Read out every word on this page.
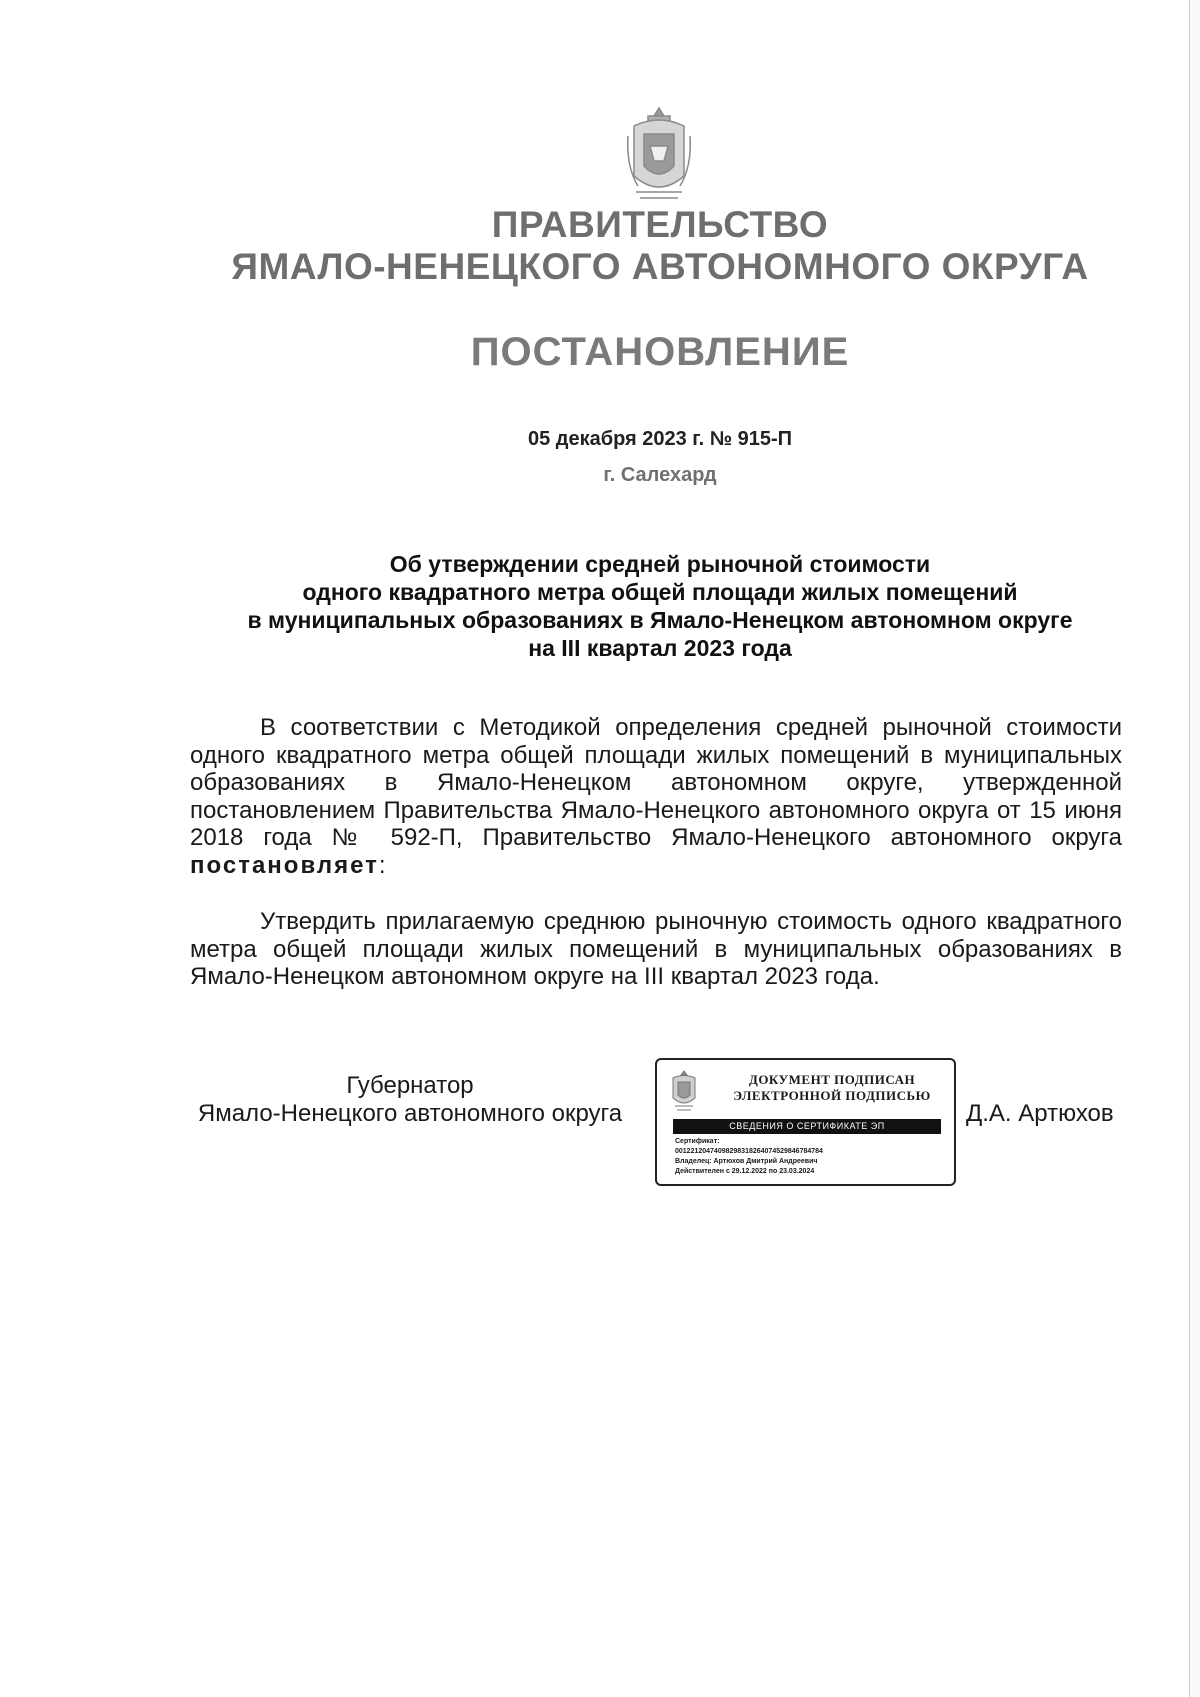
ПРАВИТЕЛЬСТВО
ЯМАЛО-НЕНЕЦКОГО АВТОНОМНОГО ОКРУГА
ПОСТАНОВЛЕНИЕ
05 декабря 2023 г. № 915-П
г. Салехард
Об утверждении средней рыночной стоимости
одного квадратного метра общей площади жилых помещений
в муниципальных образованиях в Ямало-Ненецком автономном округе
на III квартал 2023 года
В соответствии с Методикой определения средней рыночной стоимости одного квадратного метра общей площади жилых помещений в муниципальных образованиях в Ямало-Ненецком автономном округе, утвержденной постановлением Правительства Ямало-Ненецкого автономного округа от 15 июня 2018 года № 592-П, Правительство Ямало-Ненецкого автономного округа постановляет:
Утвердить прилагаемую среднюю рыночную стоимость одного квадратного метра общей площади жилых помещений в муниципальных образованиях в Ямало-Ненецком автономном округе на III квартал 2023 года.
Губернатор
Ямало-Ненецкого автономного округа
ДОКУМЕНТ ПОДПИСАН
ЭЛЕКТРОННОЙ ПОДПИСЬЮ
СВЕДЕНИЯ О СЕРТИФИКАТЕ ЭП
Сертификат:
00122120474098298318264074529846784784
Владелец: Артюхов Дмитрий Андреевич
Действителен с 29.12.2022 по 23.03.2024
Д.А. Артюхов
